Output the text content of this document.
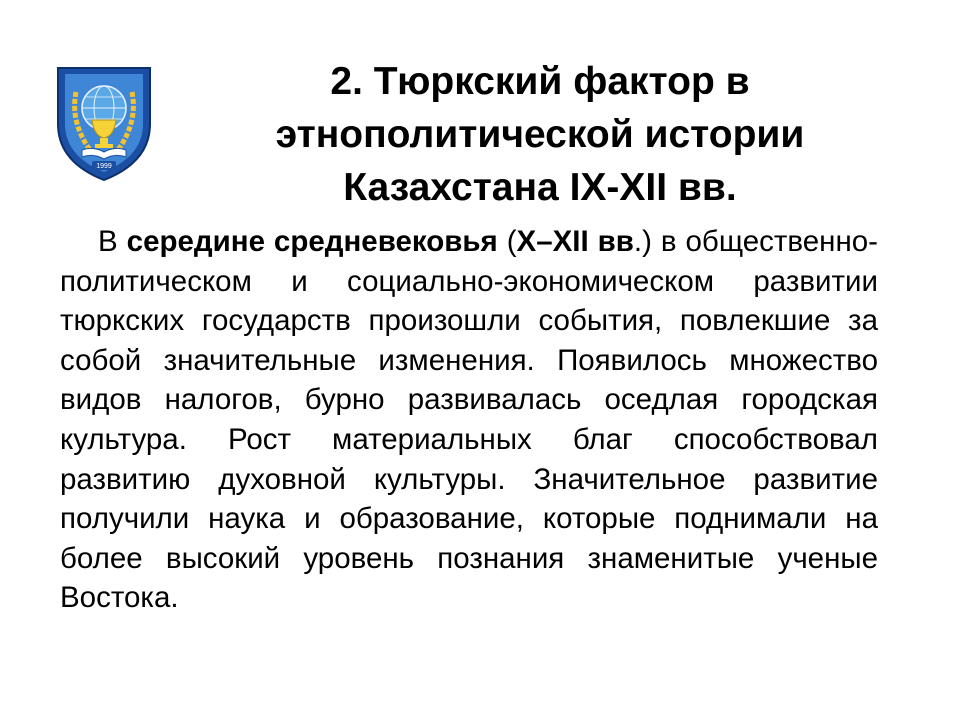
1999
2. Тюркский фактор в
этнополитической истории
Казахстана IX-XII вв.

В середине средневековья (X–XII вв.) в общественно-политическом и социально-экономическом развитии тюркских государств произошли события, повлекшие за собой значительные изменения. Появилось множество видов налогов, бурно развивалась оседлая городская культура. Рост материальных благ способствовал развитию духовной культуры. Значительное развитие получили наука и образование, которые поднимали на более высокий уровень познания знаменитые ученые Востока.
